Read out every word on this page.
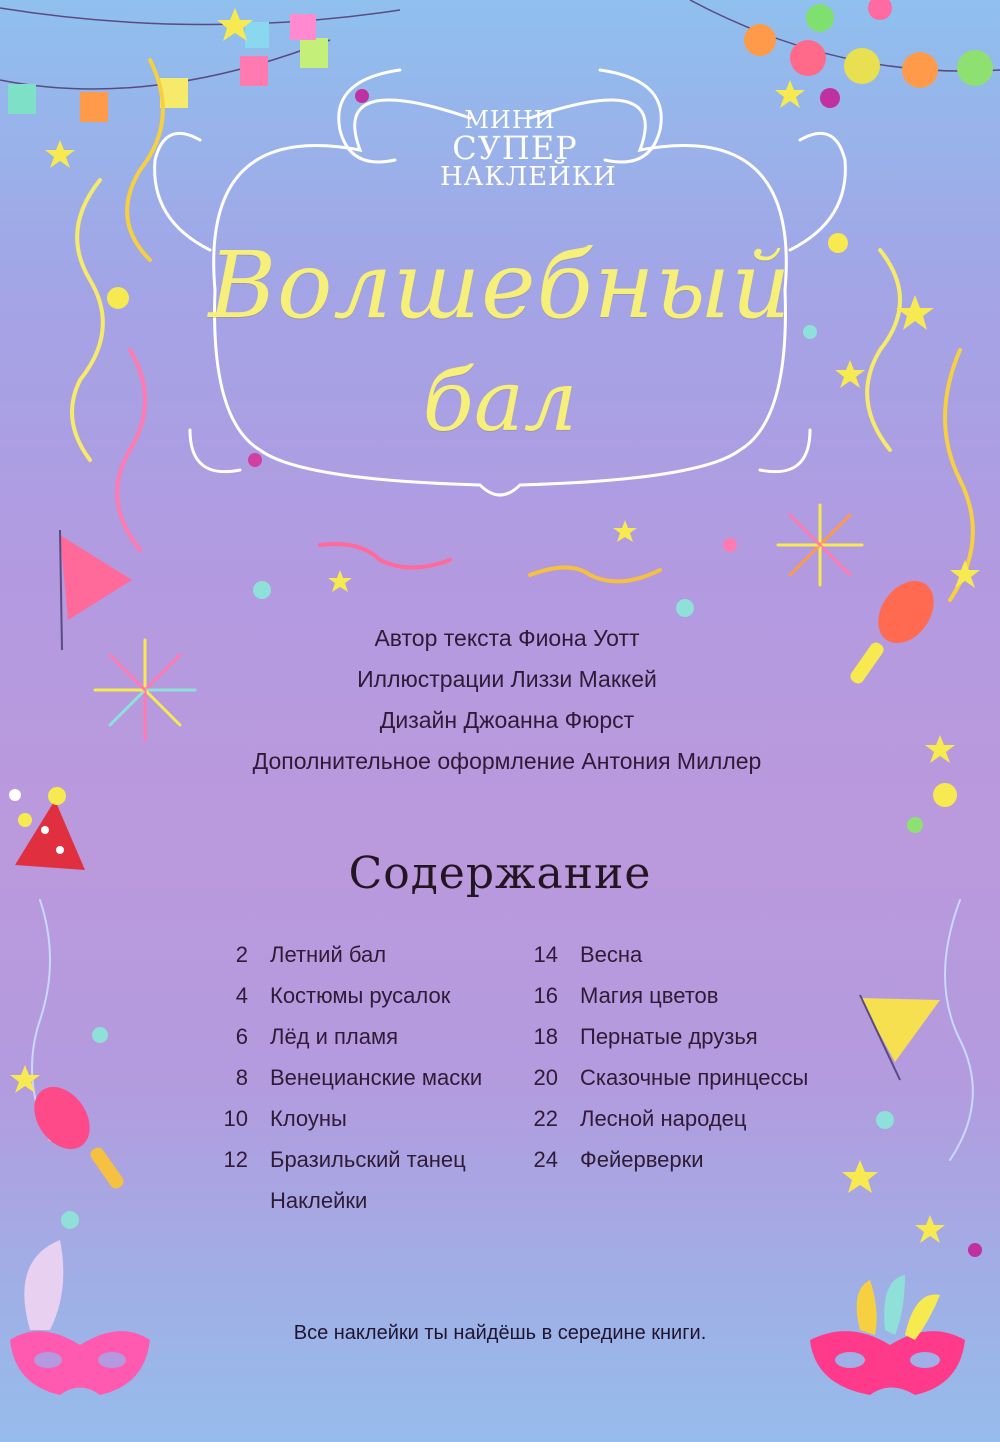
МИНИ
СУПЕР
НАКЛЕЙКИ
Волшебный
бал
Автор текста Фиона Уотт
Иллюстрации Лиззи Маккей
Дизайн Джоанна Фюрст
Дополнительное оформление Антония Миллер
Содержание
2 Летний бал
4 Костюмы русалок
6 Лёд и пламя
8 Венецианские маски
10 Клоуны
12 Бразильский танец
Наклейки
14 Весна
16 Магия цветов
18 Пернатые друзья
20 Сказочные принцессы
22 Лесной народец
24 Фейерверки
Все наклейки ты найдёшь в середине книги.
